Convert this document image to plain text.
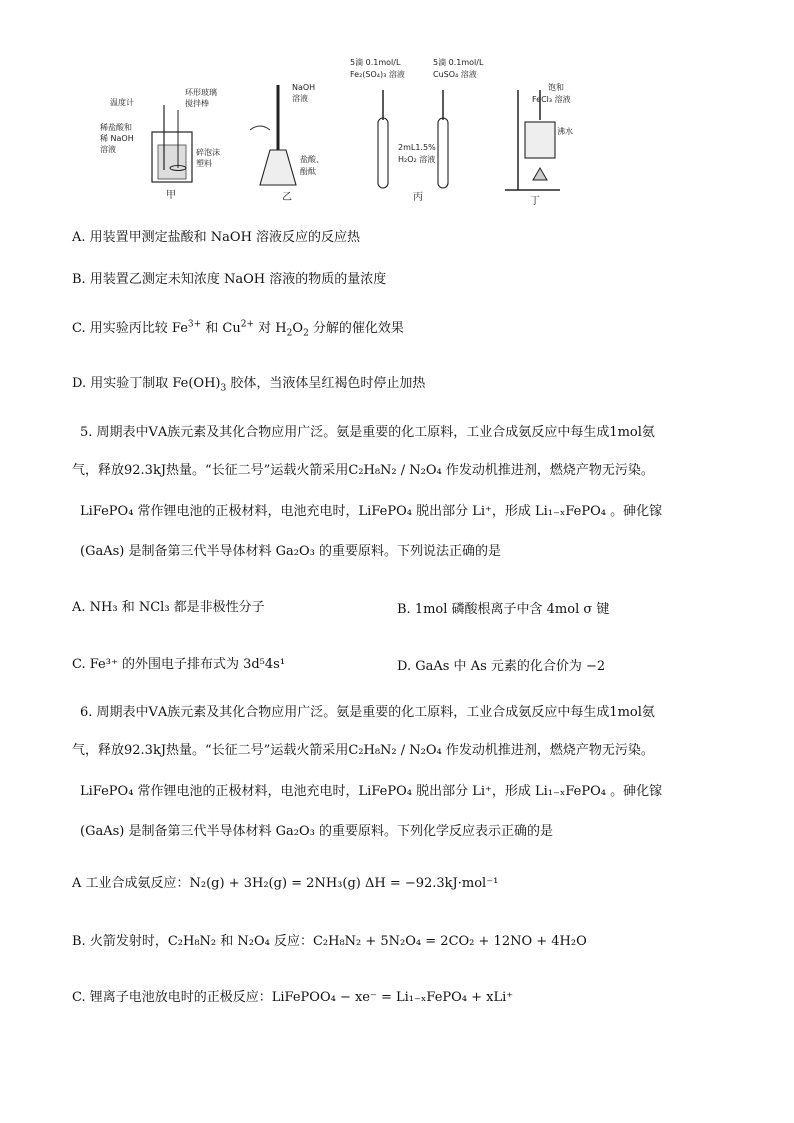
温度计
环形玻璃
搅拌棒
稀盐酸和
稀 NaOH
溶液	碎泡沫
塑料
甲
NaOH
溶液
盐酸、
酚酞
乙
5滴 0.1mol/L
Fe₂(SO₄)₃ 溶液
5滴 0.1mol/L
CuSO₄ 溶液
2mL1.5%
H₂O₂ 溶液
丙
饱和
FeCl₃ 溶液
沸水
丁
A. 用装置甲测定盐酸和 NaOH 溶液反应的反应热
B. 用装置乙测定未知浓度 NaOH 溶液的物质的量浓度
C. 用实验丙比较 $Fe^{3+}$ 和 $Cu^{2+}$ 对 $H_2O_2$ 分解的催化效果
D. 用实验丁制取 $Fe(OH)_3$ 胶体，当液体呈红褐色时停止加热
5. 周期表中ⅤA族元素及其化合物应用广泛。氨是重要的化工原料，工业合成氨反应中每生成1mol氨
气，释放92.3kJ热量。“长征二号”运载火箭采用C₂H₈N₂ / N₂O₄ 作发动机推进剂，燃烧产物无污染。
LiFePO₄ 常作锂电池的正极材料，电池充电时，LiFePO₄ 脱出部分 Li⁺，形成 Li₁₋ₓFePO₄ 。砷化镓
(GaAs) 是制备第三代半导体材料 Ga₂O₃ 的重要原料。下列说法正确的是
A. NH₃ 和 NCl₃ 都是非极性分子	B. 1mol 磷酸根离子中含 4mol σ 键
C. Fe³⁺ 的外围电子排布式为 3d⁵4s¹	D. GaAs 中 As 元素的化合价为 −2
6. 周期表中ⅤA族元素及其化合物应用广泛。氨是重要的化工原料，工业合成氨反应中每生成1mol氨
气，释放92.3kJ热量。“长征二号”运载火箭采用C₂H₈N₂ / N₂O₄ 作发动机推进剂，燃烧产物无污染。
LiFePO₄ 常作锂电池的正极材料，电池充电时，LiFePO₄ 脱出部分 Li⁺，形成 Li₁₋ₓFePO₄ 。砷化镓
(GaAs) 是制备第三代半导体材料 Ga₂O₃ 的重要原料。下列化学反应表示正确的是
A 工业合成氨反应：N₂(g) + 3H₂(g) = 2NH₃(g) ΔH = −92.3kJ·mol⁻¹
B. 火箭发射时，C₂H₈N₂ 和 N₂O₄ 反应：C₂H₈N₂ + 5N₂O₄ = 2CO₂ + 12NO + 4H₂O
C. 锂离子电池放电时的正极反应：LiFePOO₄ − xe⁻ = Li₁₋ₓFePO₄ + xLi⁺
